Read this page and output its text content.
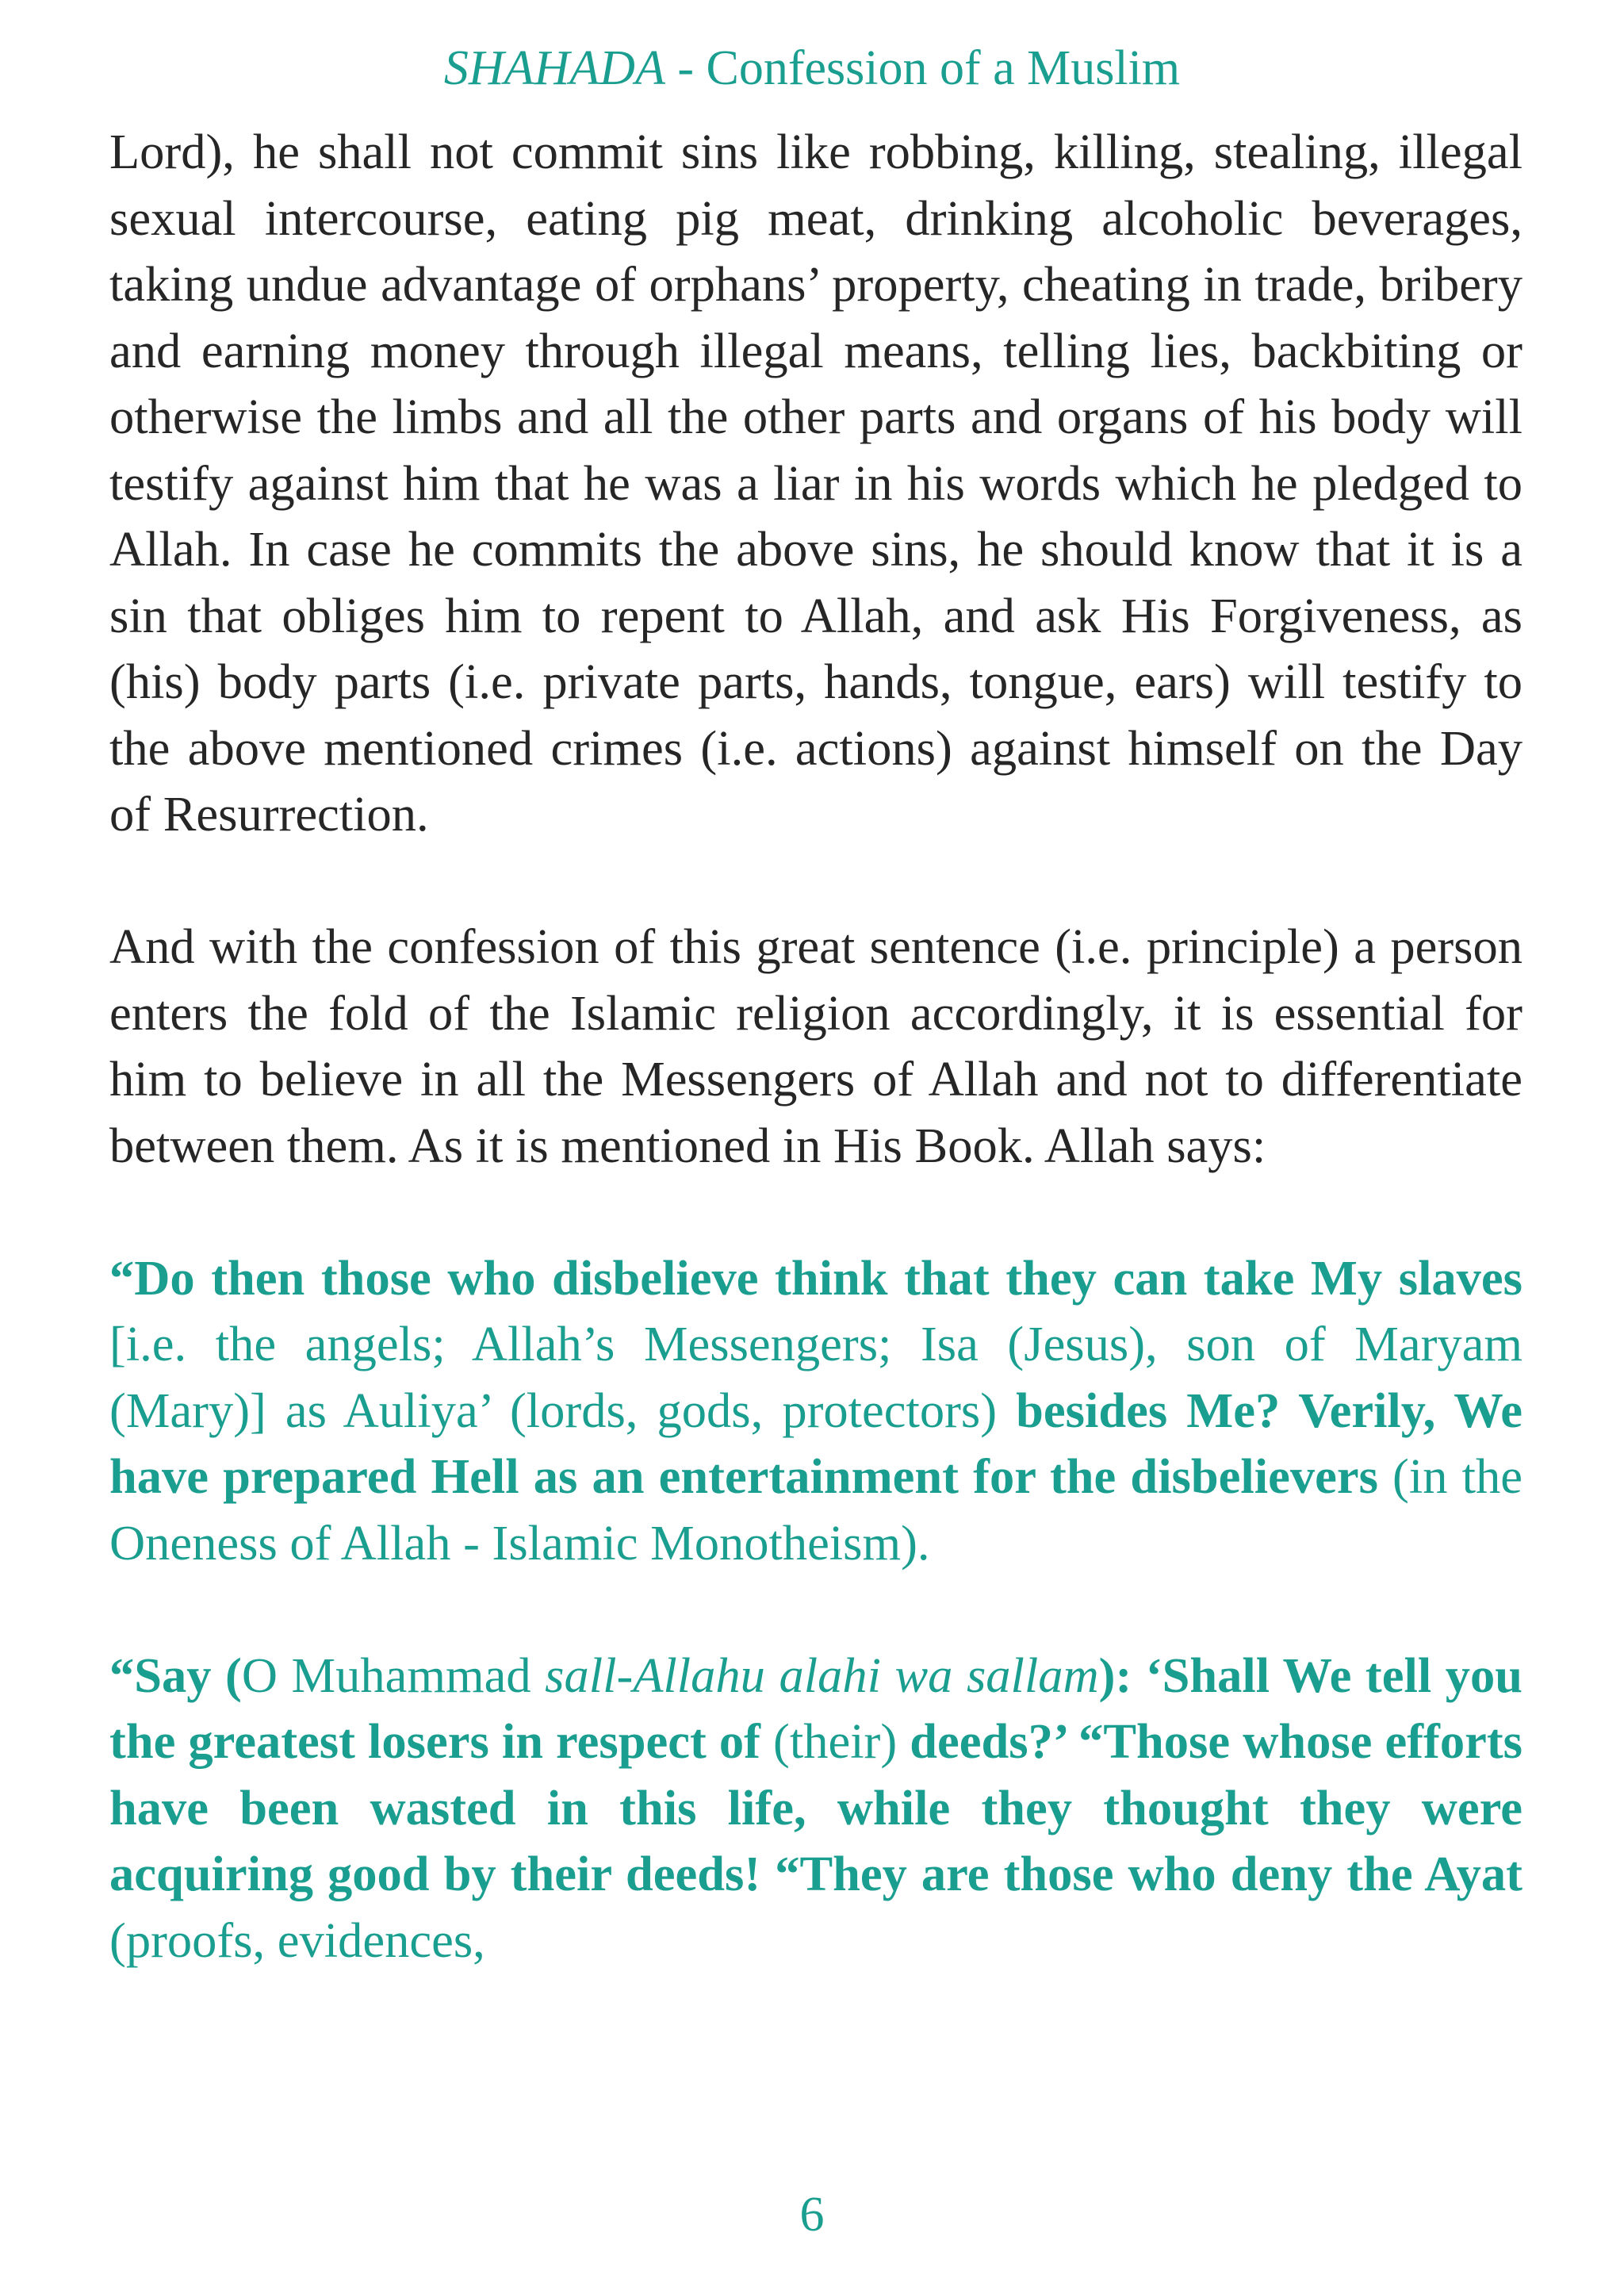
SHAHADA - Confession of a Muslim

Lord), he shall not commit sins like robbing, killing, stealing, illegal sexual intercourse, eating pig meat, drinking alcoholic beverages, taking undue advantage of orphans’ property, cheating in trade, bribery and earning money through illegal means, telling lies, backbiting or otherwise the limbs and all the other parts and organs of his body will testify against him that he was a liar in his words which he pledged to Allah. In case he commits the above sins, he should know that it is a sin that obliges him to repent to Allah, and ask His Forgiveness, as (his) body parts (i.e. private parts, hands, tongue, ears) will testify to the above mentioned crimes (i.e. actions) against himself on the Day of Resurrection.

And with the confession of this great sentence (i.e. principle) a person enters the fold of the Islamic religion accordingly, it is essential for him to believe in all the Messengers of Allah and not to differentiate between them. As it is mentioned in His Book. Allah says:

“Do then those who disbelieve think that they can take My slaves [i.e. the angels; Allah’s Messengers; Isa (Jesus), son of Maryam (Mary)] as Auliya’ (lords, gods, protectors) besides Me? Verily, We have prepared Hell as an entertainment for the disbelievers (in the Oneness of Allah - Islamic Monotheism).

“Say (O Muhammad sall-Allahu alahi wa sallam): ‘Shall We tell you the greatest losers in respect of (their) deeds?’ “Those whose efforts have been wasted in this life, while they thought they were acquiring good by their deeds! “They are those who deny the Ayat (proofs, evidences,

6
